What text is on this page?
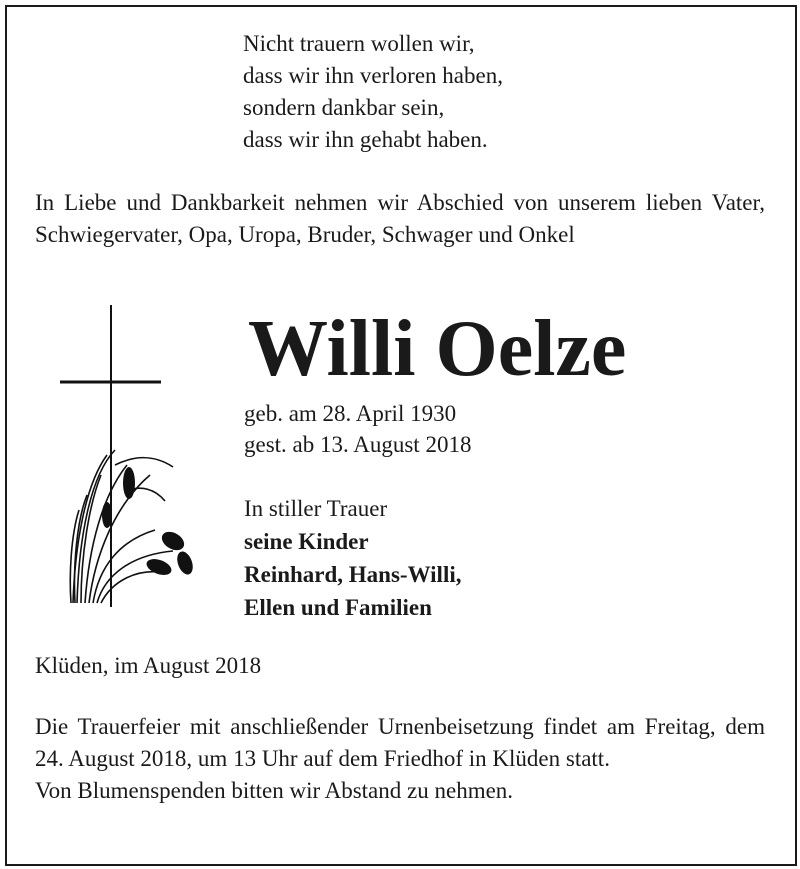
Nicht trauern wollen wir,
dass wir ihn verloren haben,
sondern dankbar sein,
dass wir ihn gehabt haben.
In Liebe und Dankbarkeit nehmen wir Abschied von unserem lieben Vater, Schwiegervater, Opa, Uropa, Bruder, Schwager und Onkel
Willi Oelze
geb. am 28. April 1930
gest. ab 13. August 2018
In stiller Trauer
seine Kinder
Reinhard, Hans-Willi,
Ellen und Familien
Klüden, im August 2018
Die Trauerfeier mit anschließender Urnenbeisetzung findet am Freitag, dem 24. August 2018, um 13 Uhr auf dem Friedhof in Klüden statt.
Von Blumenspenden bitten wir Abstand zu nehmen.
